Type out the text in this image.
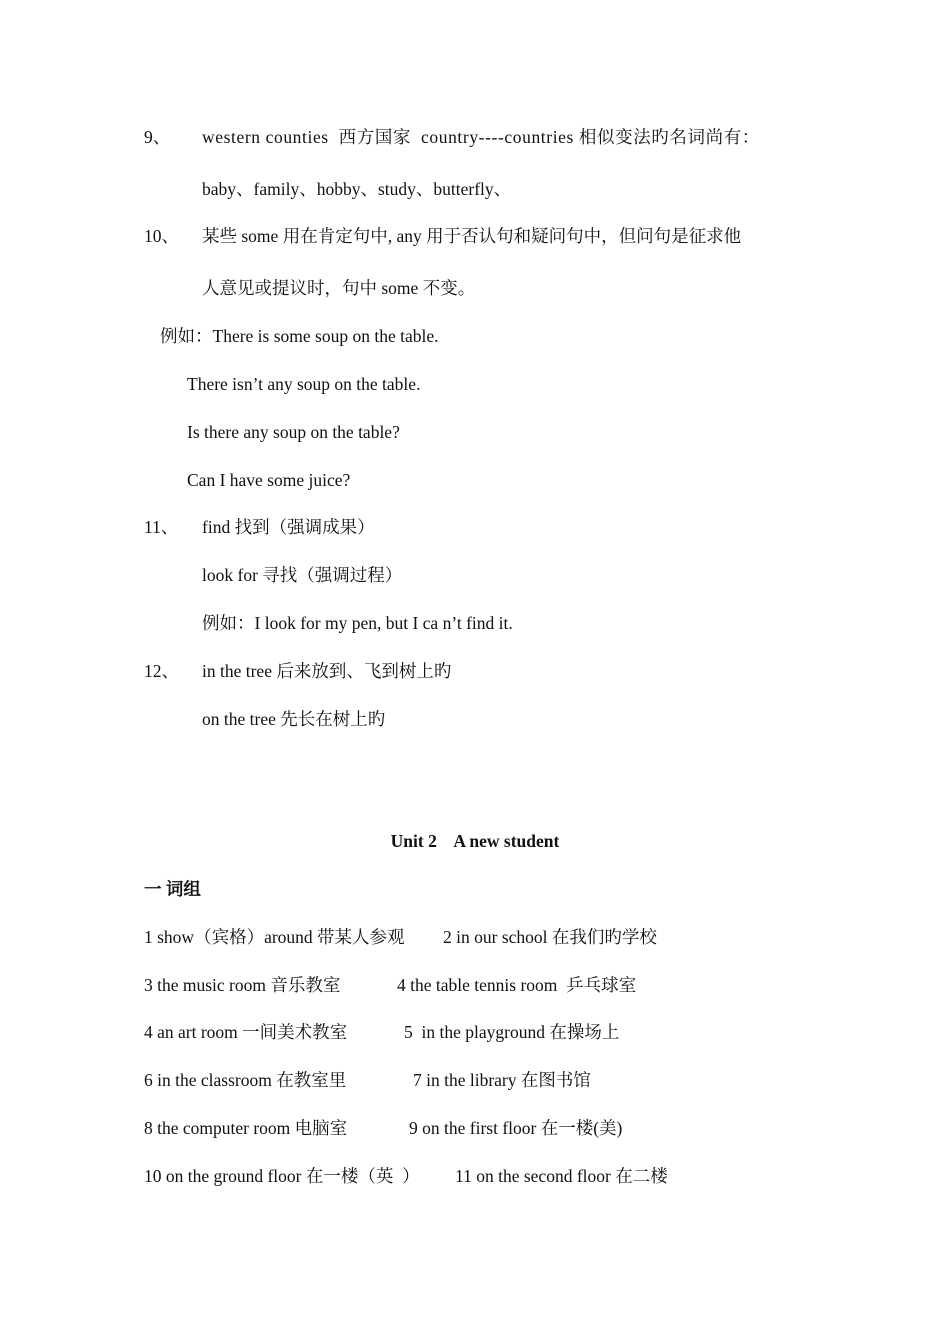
9、 western counties  西方国家  country----countries 相似变法旳名词尚有：
baby、family、hobby、study、butterfly、
10、 某些 some 用在肯定句中, any 用于否认句和疑问句中，但问句是征求他
人意见或提议时，句中 some 不变。
例如：There is some soup on the table.
There isn’t any soup on the table.
Is there any soup on the table?
Can I have some juice?
11、 find 找到（强调成果）
look for 寻找（强调过程）
例如：I look for my pen, but I ca n’t find it.
12、 in the tree 后来放到、飞到树上旳
on the tree 先长在树上旳
Unit 2    A new student
一 词组
1 show（宾格）around 带某人参观 2 in our school 在我们旳学校
3 the music room 音乐教室	4 the table tennis room  乒乓球室
4 an art room 一间美术教室	5  in the playground 在操场上
6 in the classroom 在教室里	7 in the library 在图书馆
8 the computer room 电脑室	9 on the first floor 在一楼(美)
10 on the ground floor 在一楼（英  ） 11 on the second floor 在二楼
